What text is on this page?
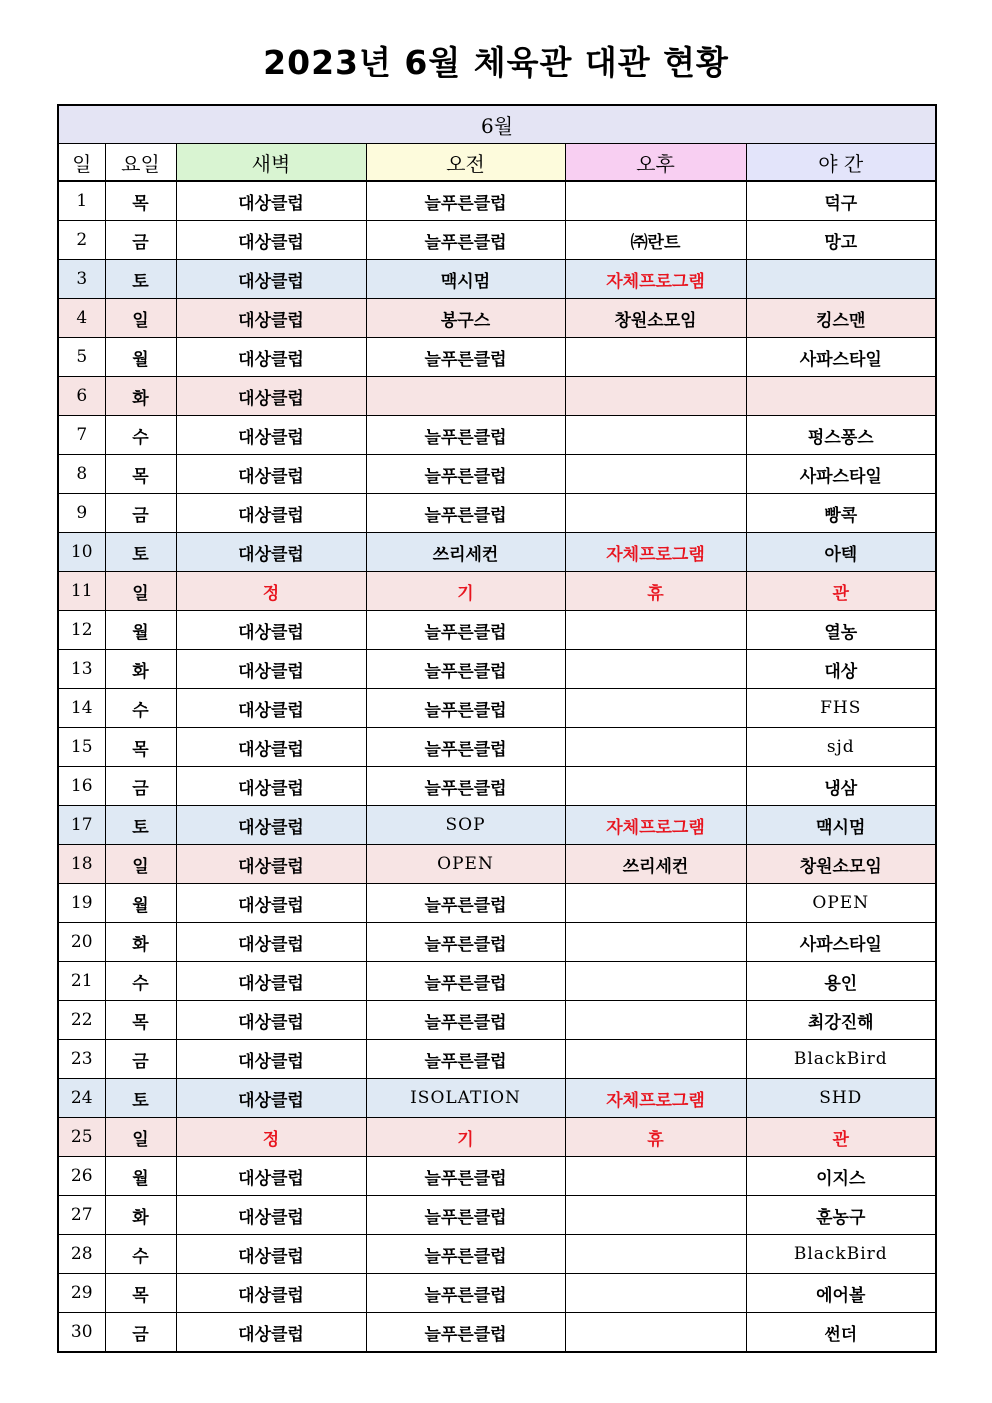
2023년 6월 체육관 대관 현황
6월					
일	요일	새벽	오전	오후	야 간
1	목	대상클럽	늘푸른클럽		덕구
2	금	대상클럽	늘푸른클럽	㈜란트	망고
3	토	대상클럽	맥시멈	자체프로그램	
4	일	대상클럽	봉구스	창원소모임	킹스맨
5	월	대상클럽	늘푸른클럽		사파스타일
6	화	대상클럽			
7	수	대상클럽	늘푸른클럽		펑스퐁스
8	목	대상클럽	늘푸른클럽		사파스타일
9	금	대상클럽	늘푸른클럽		빵콕
10	토	대상클럽	쓰리세컨	자체프로그램	아텍
11	일	정	기	휴	관
12	월	대상클럽	늘푸른클럽		열농
13	화	대상클럽	늘푸른클럽		대상
14	수	대상클럽	늘푸른클럽		FHS
15	목	대상클럽	늘푸른클럽		sjd
16	금	대상클럽	늘푸른클럽		냉삼
17	토	대상클럽	SOP	자체프로그램	맥시멈
18	일	대상클럽	OPEN	쓰리세컨	창원소모임
19	월	대상클럽	늘푸른클럽		OPEN
20	화	대상클럽	늘푸른클럽		사파스타일
21	수	대상클럽	늘푸른클럽		용인
22	목	대상클럽	늘푸른클럽		최강진해
23	금	대상클럽	늘푸른클럽		BlackBird
24	토	대상클럽	ISOLATION	자체프로그램	SHD
25	일	정	기	휴	관
26	월	대상클럽	늘푸른클럽		이지스
27	화	대상클럽	늘푸른클럽		훈농구
28	수	대상클럽	늘푸른클럽		BlackBird
29	목	대상클럽	늘푸른클럽		에어볼
30	금	대상클럽	늘푸른클럽		썬더
